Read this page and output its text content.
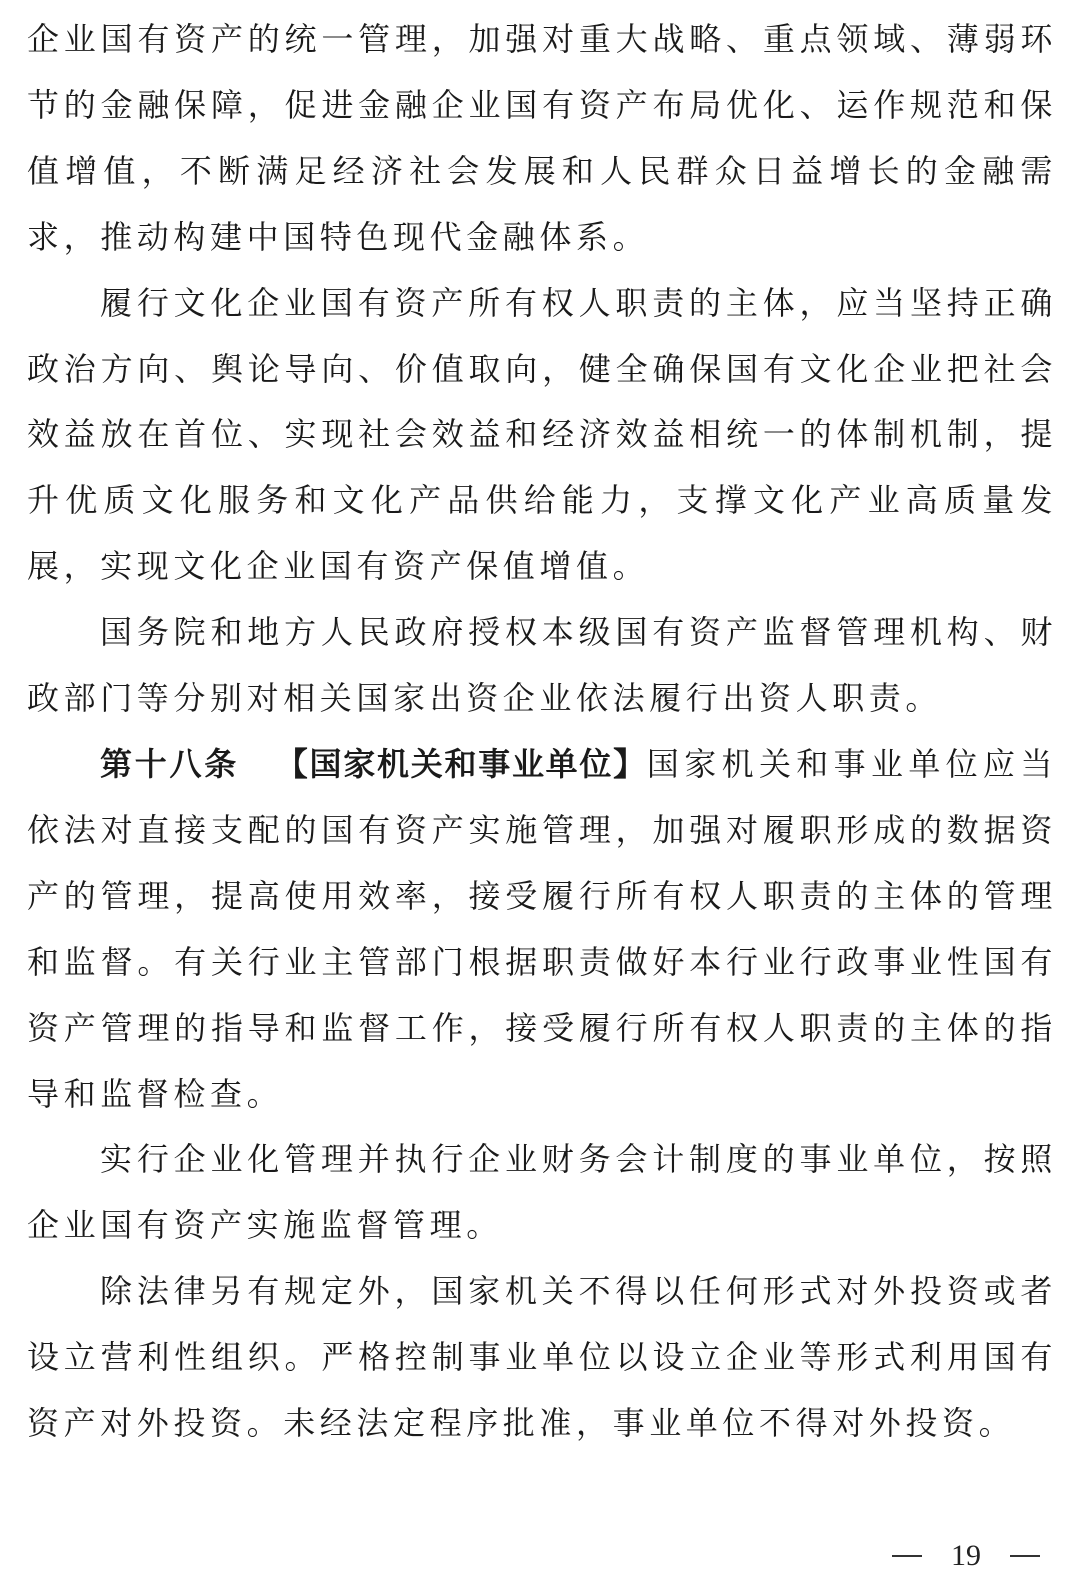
企业国有资产的统一管理，加强对重大战略、重点领域、薄弱环节的金融保障，促进金融企业国有资产布局优化、运作规范和保值增值，不断满足经济社会发展和人民群众日益增长的金融需求，推动构建中国特色现代金融体系。

履行文化企业国有资产所有权人职责的主体，应当坚持正确政治方向、舆论导向、价值取向，健全确保国有文化企业把社会效益放在首位、实现社会效益和经济效益相统一的体制机制，提升优质文化服务和文化产品供给能力，支撑文化产业高质量发展，实现文化企业国有资产保值增值。

国务院和地方人民政府授权本级国有资产监督管理机构、财政部门等分别对相关国家出资企业依法履行出资人职责。

第十八条 【国家机关和事业单位】国家机关和事业单位应当依法对直接支配的国有资产实施管理，加强对履职形成的数据资产的管理，提高使用效率，接受履行所有权人职责的主体的管理和监督。有关行业主管部门根据职责做好本行业行政事业性国有资产管理的指导和监督工作，接受履行所有权人职责的主体的指导和监督检查。

实行企业化管理并执行企业财务会计制度的事业单位，按照企业国有资产实施监督管理。

除法律另有规定外，国家机关不得以任何形式对外投资或者设立营利性组织。严格控制事业单位以设立企业等形式利用国有资产对外投资。未经法定程序批准，事业单位不得对外投资。

19
